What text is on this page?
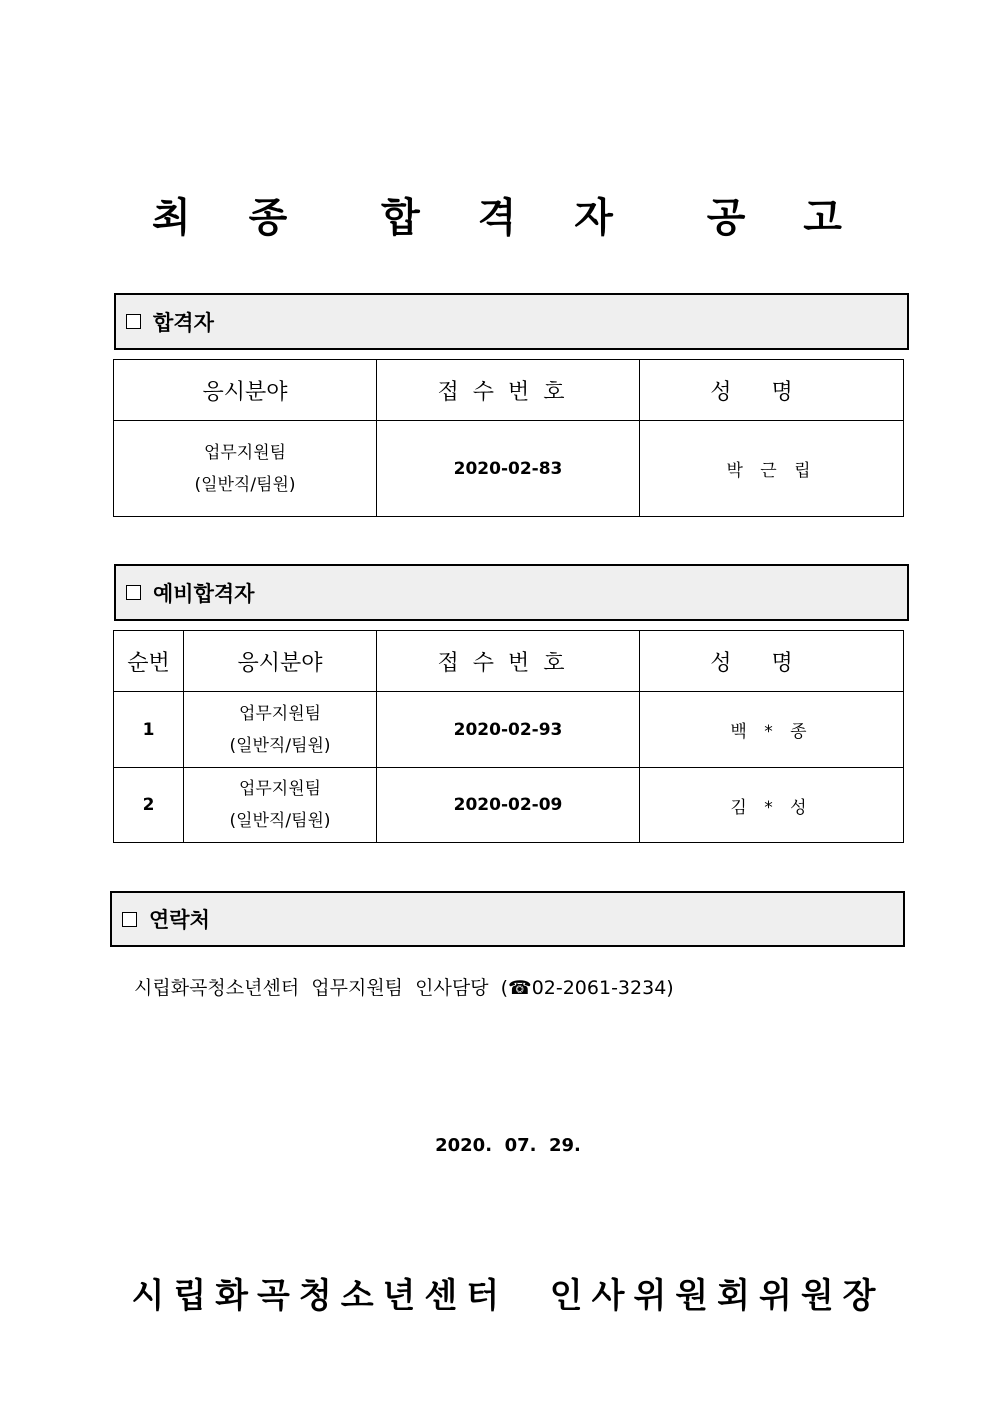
최 종  합 격 자  공 고
합격자
응시분야	접수번호	성명

업무지원팀
(일반직/팀원)	2020-02-83	박 근 립
예비합격자
순번	응시분야	접수번호	성명
1	업무지원팀
(일반직/팀원)	2020-02-93	백 * 종
2	업무지원팀
(일반직/팀원)	2020-02-09	김 * 성
연락처
시립화곡청소년센터  업무지원팀  인사담당  (☎02-2061-3234)
2020.  07.  29.
시립화곡청소년센터  인사위원회위원장
